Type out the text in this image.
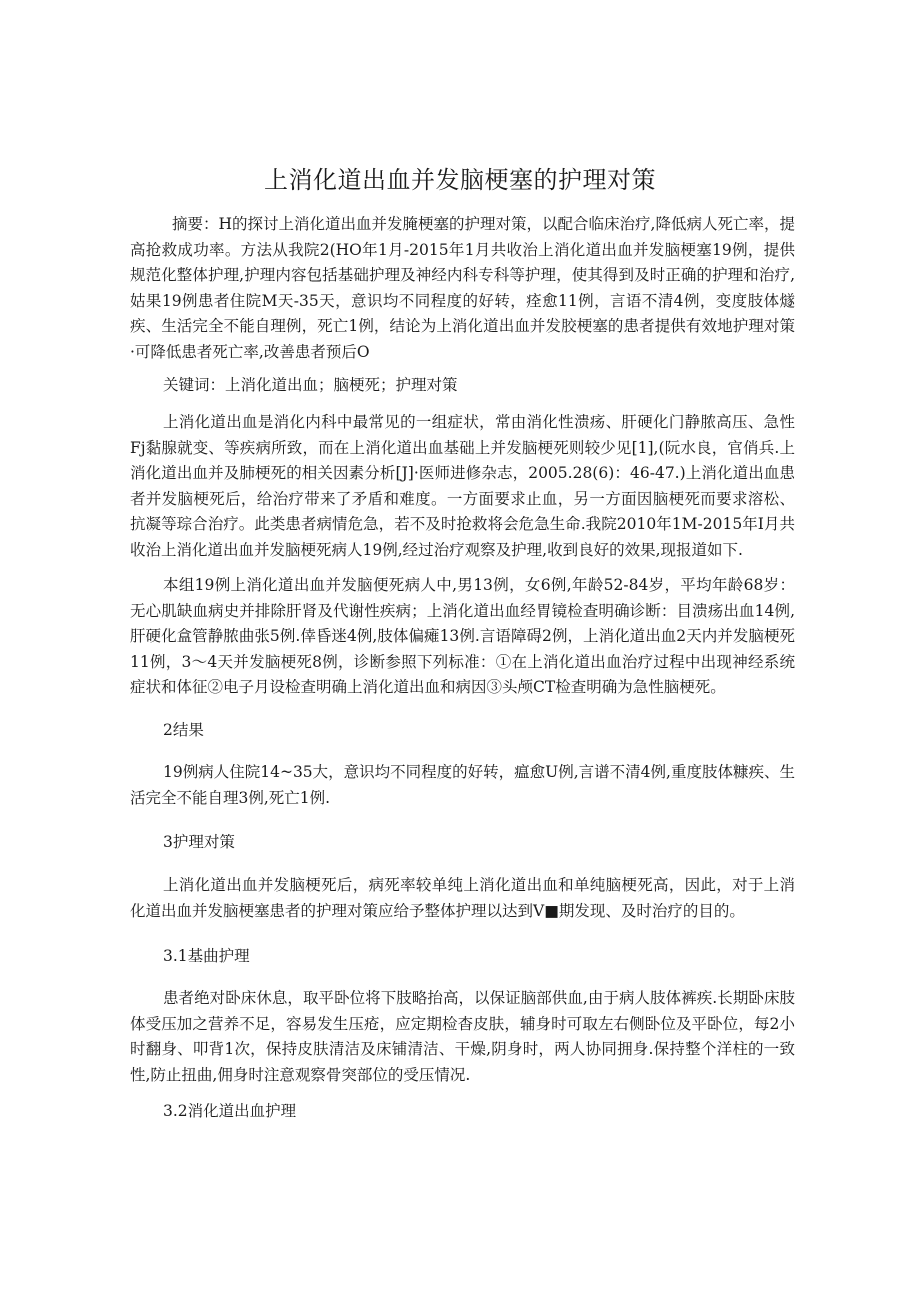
上消化道出血并发脑梗塞的护理对策

摘要：H的探讨上消化道出血并发腌梗塞的护理对策，以配合临床治疗,降低病人死亡率，提高抢救成功率。方法从我院2(HO年1月-2015年1月共收治上消化道出血并发脑梗塞19例，提供规范化整体护理,护理内容包括基础护理及神经内科专科等护理，使其得到及时正确的护理和治疗,姑果19例患者住院M天-35天，意识均不同程度的好转，痊愈11例，言语不清4例，变度肢体燧疾、生活完全不能自理例，死亡1例，结论为上消化道出血并发胶梗塞的患者提供有效地护理对策·可降低患者死亡率,改善患者预后O

关键词：上消化道出血；脑梗死；护理对策

上消化道出血是消化内科中最常见的一组症状，常由消化性溃疡、肝硬化门静脓高压、急性Fj黏腺就变、等疾病所致，而在上消化道出血基础上并发脑梗死则较少见[1],(阮水良，官俏兵.上消化道出血并及肺梗死的相关因素分析[J]·医师进修杂志，2005.28(6)：46-47.)上消化道出血患者并发脑梗死后，给治疗带来了矛盾和难度。一方面要求止血，另一方面因脑梗死而要求溶松、抗凝等琮合治疗。此类患者病情危急，若不及时抢救将会危急生命.我院2010年1M-2015年I月共收治上消化道出血并发脑梗死病人19例,经过治疗观察及护理,收到良好的效果,现报道如下.

本组19例上消化道出血并发脑便死病人中,男13例，女6例,年龄52-84岁，平均年龄68岁：无心肌缺血病史并排除肝肾及代谢性疾病；上消化道出血经胃镜检查明确诊断：目溃疡出血14例,肝硬化盒管静脓曲张5例.倖昏迷4例,肢体偏瘫13例.言语障碍2例，上消化道出血2天内并发脑梗死11例，3～4天并发脑梗死8例，诊断参照下列标准：①在上消化道出血治疗过程中出现神经系统症状和体征②电子月设检查明确上消化道出血和病因③头颅CT检查明确为急性脑梗死。

2结果

19例病人住院14~35大，意识均不同程度的好转，瘟愈U例,言谱不清4例,重度肢体糠疾、生活完全不能自理3例,死亡1例.

3护理对策

上消化道出血并发脑梗死后，病死率较单纯上消化道出血和单纯脑梗死高，因此，对于上消化道出血并发脑梗塞患者的护理对策应给予整体护理以达到V■期发现、及时治疗的目的。

3.1基曲护理

患者绝对卧床休息，取平卧位将下肢略抬高，以保证脑部供血,由于病人肢体裤疾.长期卧床肢体受压加之营养不足，容易发生压疮，应定期检杳皮肤，辅身时可取左右侧卧位及平卧位，每2小时翻身、叩背1次，保持皮肤清洁及床铺清洁、干燥,阴身时，两人协同拥身.保持整个洋柱的一致性,防止扭曲,佣身时注意观察骨突部位的受压情况.

3.2消化道出血护理
